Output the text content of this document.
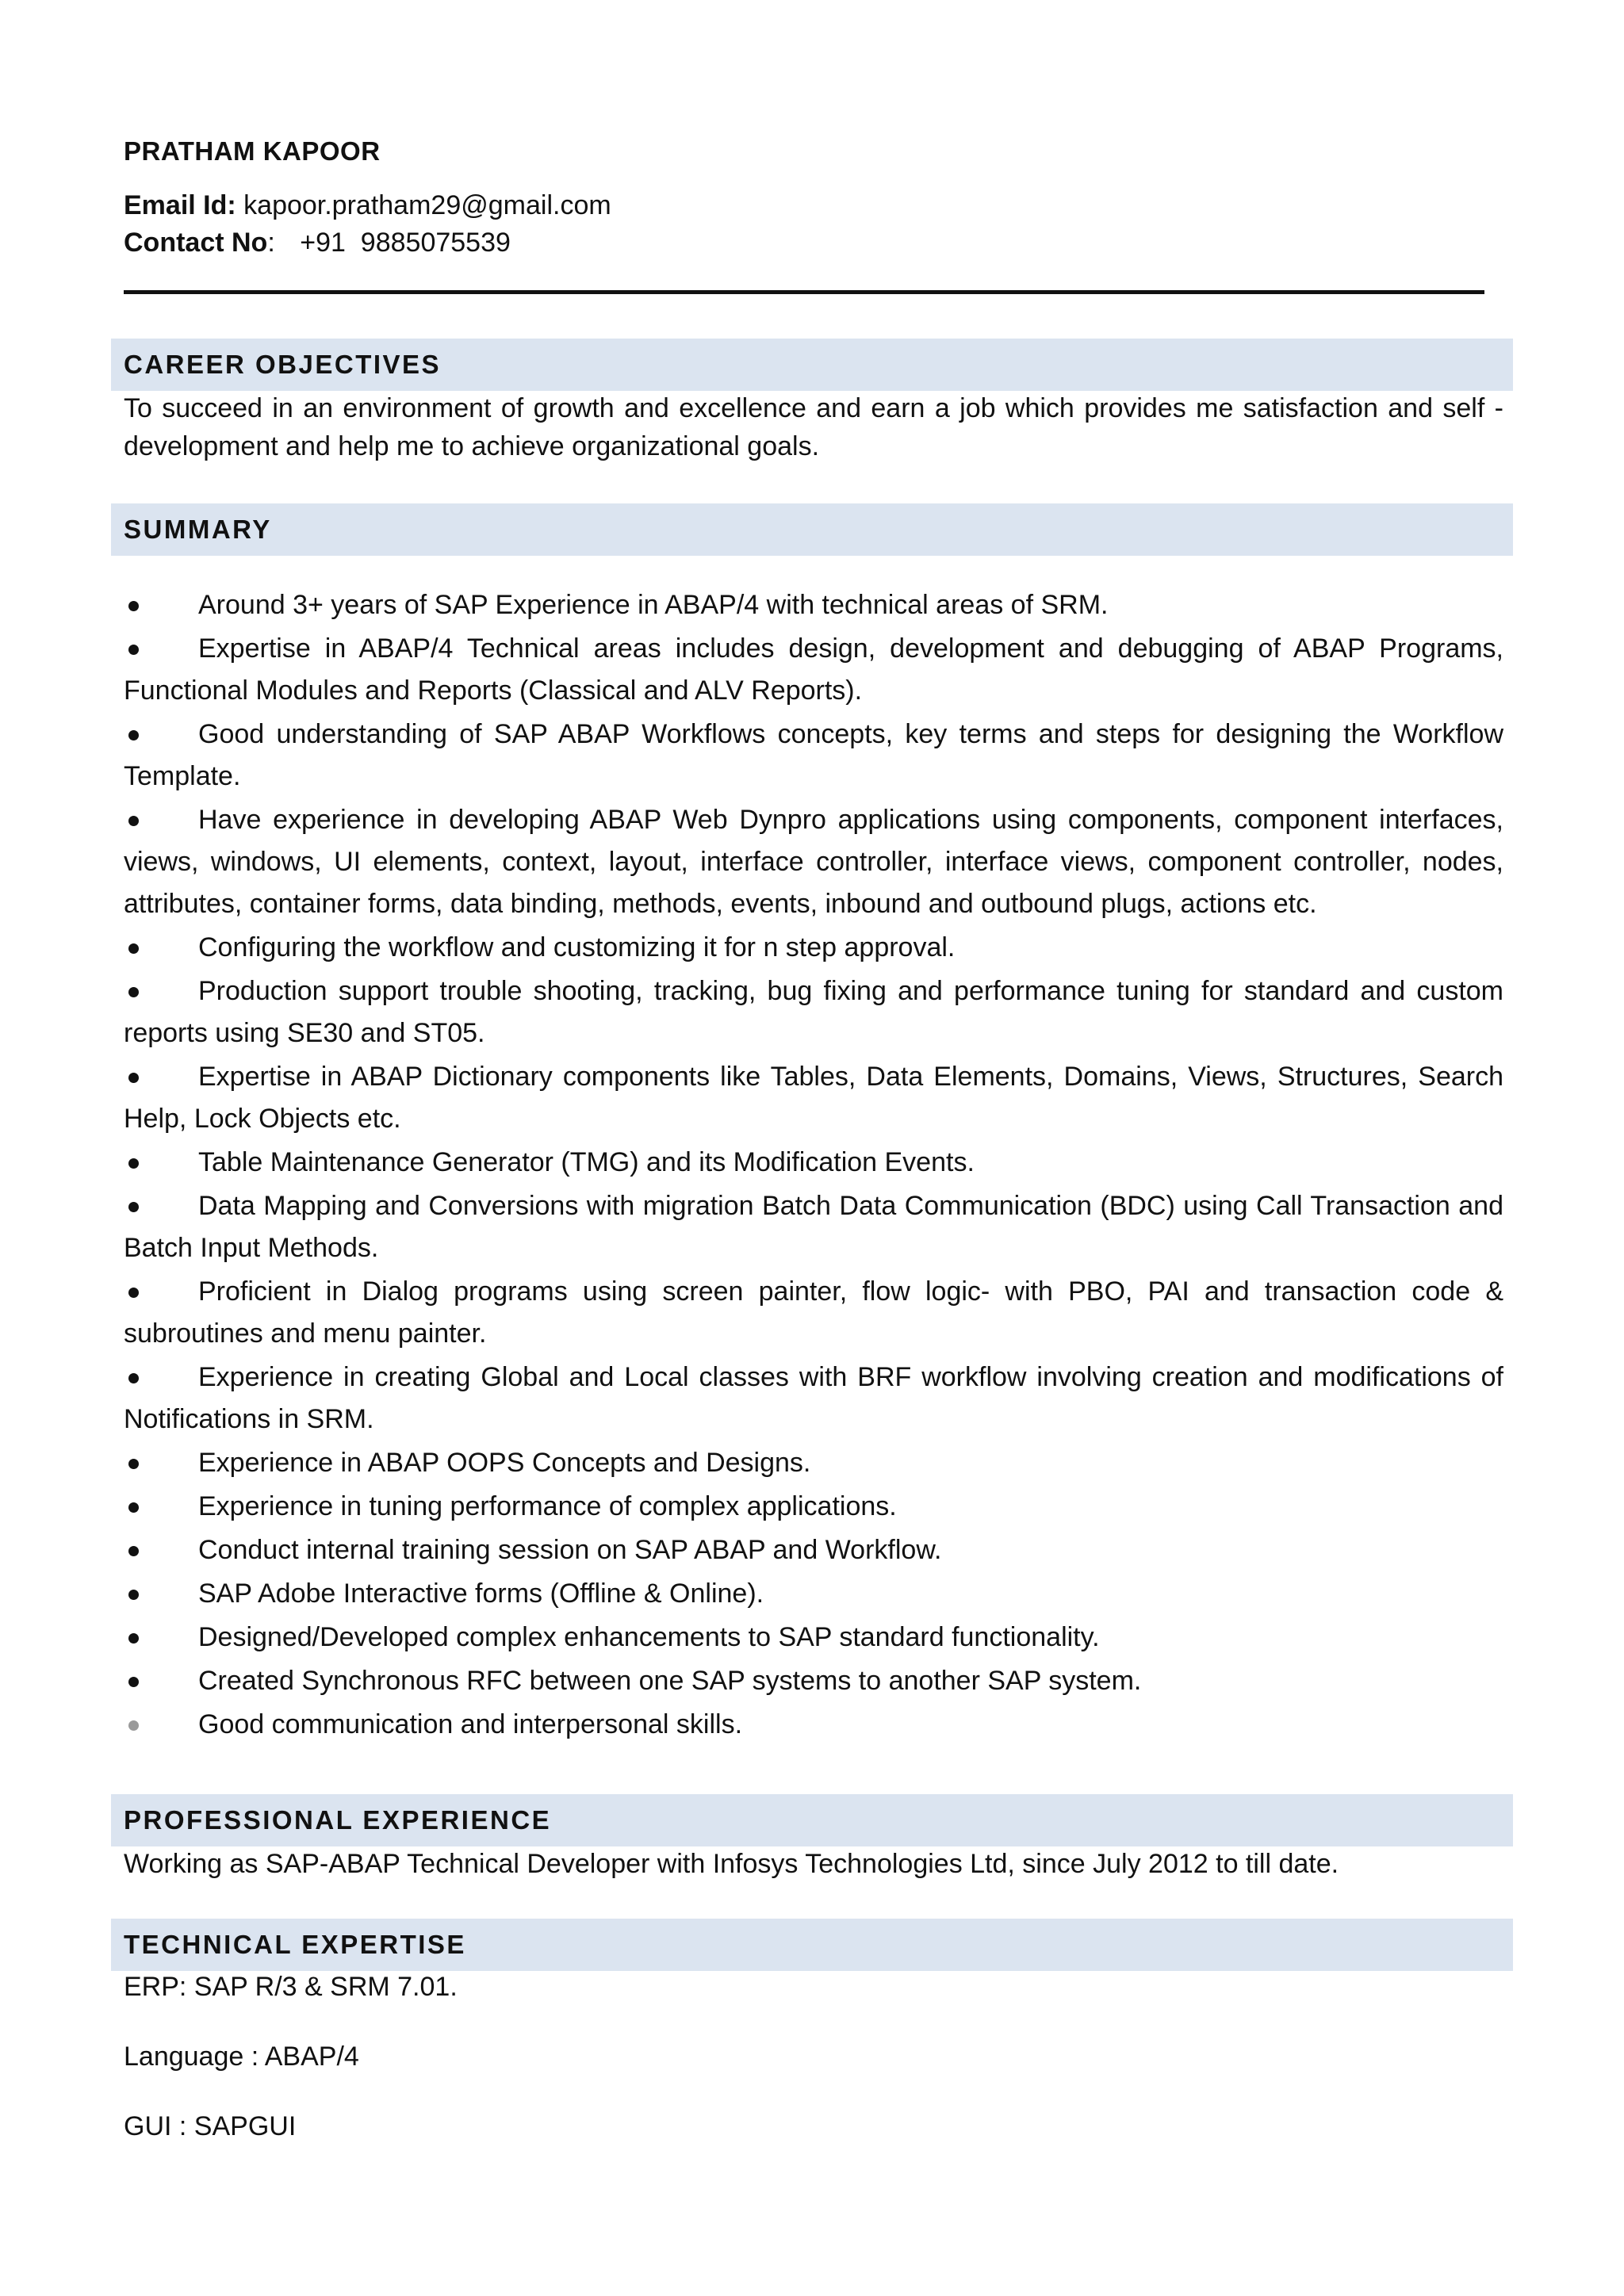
PRATHAM KAPOOR
Email Id: kapoor.pratham29@gmail.com
Contact No: +91  9885075539
CAREER OBJECTIVES
To succeed in an environment of growth and excellence and earn a job which provides me satisfaction and self - development and help me to achieve organizational goals.
SUMMARY
Around 3+ years of SAP Experience in ABAP/4 with technical areas of SRM.
Expertise in ABAP/4 Technical areas includes design, development and debugging of ABAP Programs, Functional Modules and Reports (Classical and ALV Reports).
Good understanding of SAP ABAP Workflows concepts, key terms and steps for designing the Workflow Template.
Have experience in developing ABAP Web Dynpro applications using components, component interfaces, views, windows, UI elements, context, layout, interface controller, interface views, component controller, nodes, attributes, container forms, data binding, methods, events, inbound and outbound plugs, actions etc.
Configuring the workflow and customizing it for n step approval.
Production support trouble shooting, tracking, bug fixing and performance tuning for standard and custom reports using SE30 and ST05.
Expertise in ABAP Dictionary components like Tables, Data Elements, Domains, Views, Structures, Search Help, Lock Objects etc.
Table Maintenance Generator (TMG) and its Modification Events.
Data Mapping and Conversions with migration Batch Data Communication (BDC) using Call Transaction and Batch Input Methods.
Proficient in Dialog programs using screen painter, flow logic- with PBO, PAI and transaction code & subroutines and menu painter.
Experience in creating Global and Local classes with BRF workflow involving creation and modifications of Notifications in SRM.
Experience in ABAP OOPS Concepts and Designs.
Experience in tuning performance of complex applications.
Conduct internal training session on SAP ABAP and Workflow.
SAP Adobe Interactive forms (Offline & Online).
Designed/Developed complex enhancements to SAP standard functionality.
Created Synchronous RFC between one SAP systems to another SAP system.
Good communication and interpersonal skills.
PROFESSIONAL EXPERIENCE
Working as SAP-ABAP Technical Developer with Infosys Technologies Ltd, since July 2012 to till date.
TECHNICAL EXPERTISE
ERP: SAP R/3 & SRM 7.01.
Language : ABAP/4
GUI : SAPGUI
